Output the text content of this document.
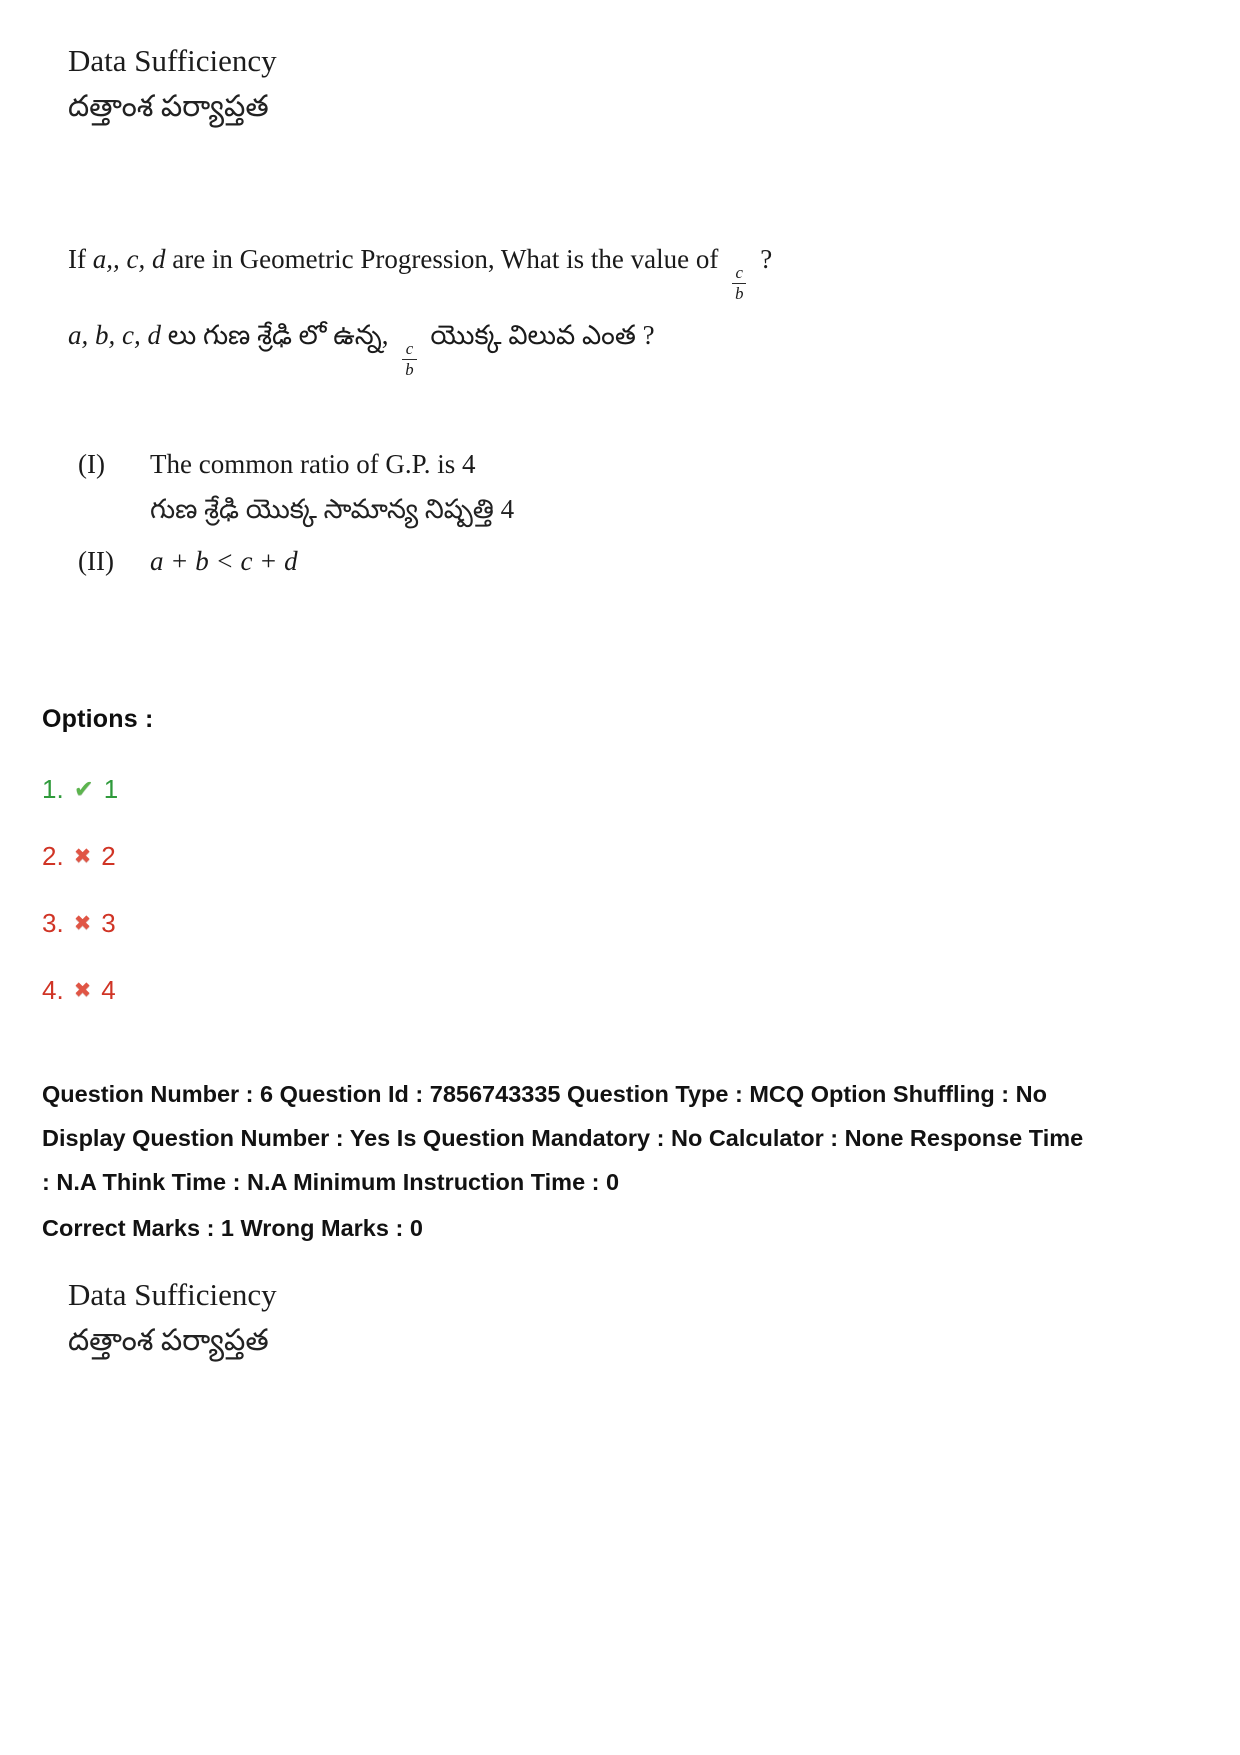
Data Sufficiency
దత్తాంశ పర్యాప్తత
If a,, c, d are in Geometric Progression, What is the value of
$\frac{c}{b}$
?
a, b, c, d లు గుణ శ్రేఢి లో ఉన్న,
$\frac{c}{b}$
యొక్క విలువ ఎంత ?
(I)	The common ratio of G.P. is 4
గుణ శ్రేఢి యొక్క సామాన్య నిష్పత్తి 4
(II)	a + b < c + d
Options :
1. ✔ 1
2. ✖ 2
3. ✖ 3
4. ✖ 4
Question Number : 6 Question Id : 7856743335 Question Type : MCQ Option Shuffling : No
Display Question Number : Yes Is Question Mandatory : No Calculator : None Response Time
: N.A Think Time : N.A Minimum Instruction Time : 0
Correct Marks : 1 Wrong Marks : 0
Data Sufficiency
దత్తాంశ పర్యాప్తత
